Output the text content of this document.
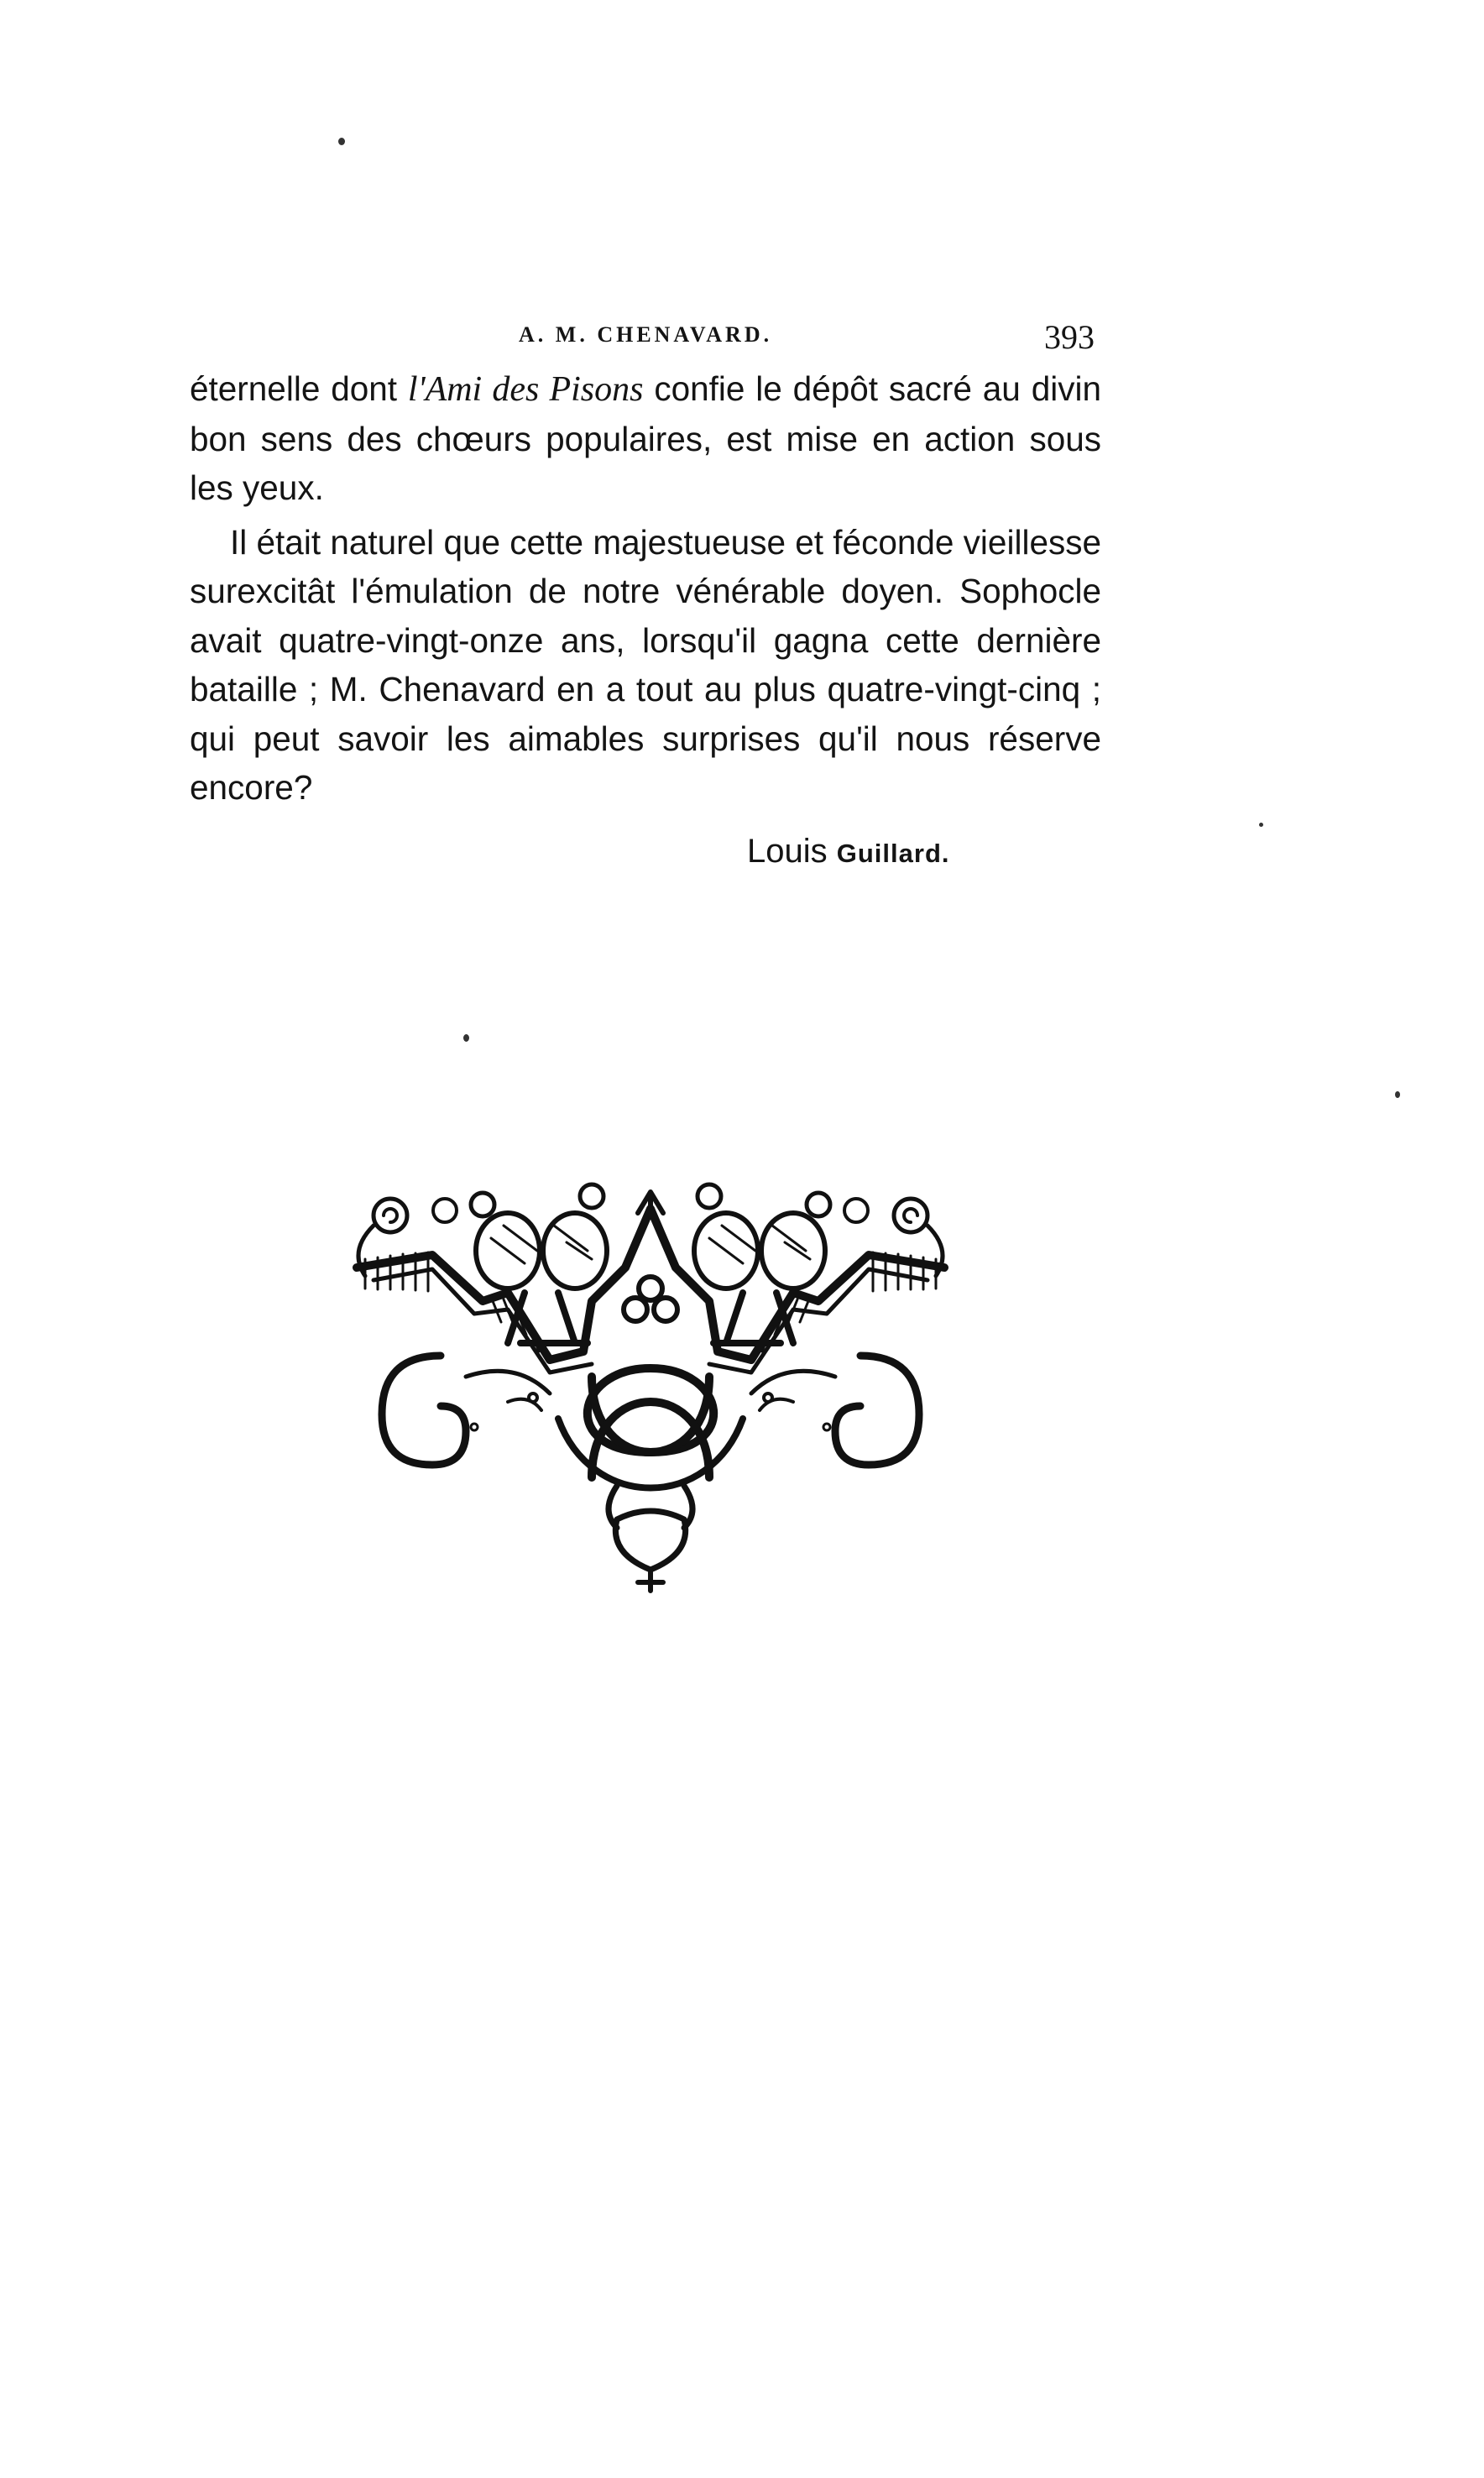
A. M. CHENAVARD.	393

éternelle dont l'Ami des Pisons confie le dépôt sacré au divin bon sens des chœurs populaires, est mise en action sous les yeux.

Il était naturel que cette majestueuse et féconde vieillesse surexcitât l'émulation de notre vénérable doyen. Sophocle avait quatre-vingt-onze ans, lorsqu'il gagna cette dernière bataille ; M. Chenavard en a tout au plus quatre-vingt-cinq ; qui peut savoir les aimables surprises qu'il nous réserve encore?

Louis Guillard.
